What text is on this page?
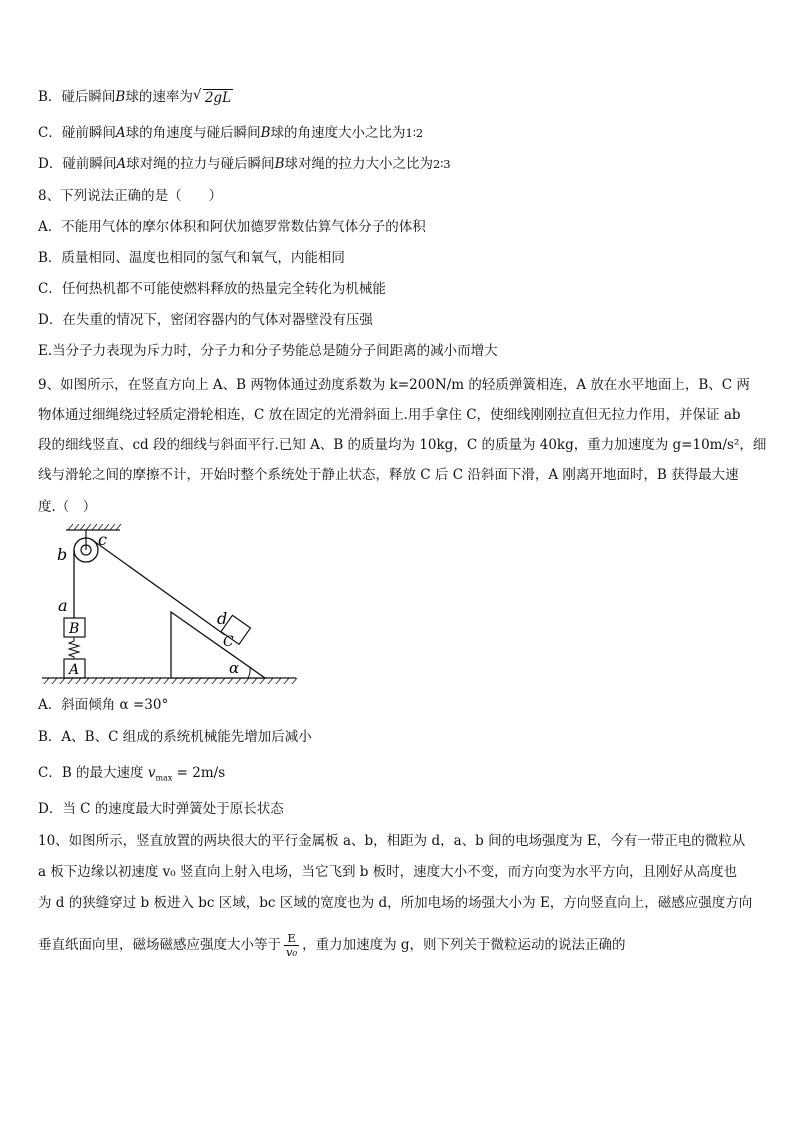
B．碰后瞬间B球的速率为 √ 2gL
C．碰前瞬间A球的角速度与碰后瞬间B球的角速度大小之比为1∶2
D．碰前瞬间A球对绳的拉力与碰后瞬间B球对绳的拉力大小之比为2∶3
8、下列说法正确的是（　　）
A．不能用气体的摩尔体积和阿伏加德罗常数估算气体分子的体积
B．质量相同、温度也相同的氢气和氧气，内能相同
C．任何热机都不可能使燃料释放的热量完全转化为机械能
D．在失重的情况下，密闭容器内的气体对器壁没有压强
E.当分子力表现为斥力时，分子力和分子势能总是随分子间距离的减小而增大
9、如图所示，在竖直方向上 A、B 两物体通过劲度系数为 k=200N/m 的轻质弹簧相连，A 放在水平地面上，B、C 两
物体通过细绳绕过轻质定滑轮相连，C 放在固定的光滑斜面上.用手拿住 C，使细线刚刚拉直但无拉力作用，并保证 ab
段的细线竖直、cd 段的细线与斜面平行.已知 A、B 的质量均为 10kg，C 的质量为 40kg，重力加速度为 g=10m/s²，细
线与滑轮之间的摩擦不计，开始时整个系统处于静止状态，释放 C 后 C 沿斜面下滑，A 刚离开地面时，B 获得最大速
度.（　）
b
c
a
d
B
A
C
α
A．斜面倾角 α =30°
B．A、B、C 组成的系统机械能先增加后减小
C．B 的最大速度 $v_{max} = 2m/s$
D．当 C 的速度最大时弹簧处于原长状态
10、如图所示，竖直放置的两块很大的平行金属板 a、b，相距为 d，a、b 间的电场强度为 E，今有一带正电的微粒从
a 板下边缘以初速度 v₀ 竖直向上射入电场，当它飞到 b 板时，速度大小不变，而方向变为水平方向，且刚好从高度也
为 d 的狭缝穿过 b 板进入 bc 区域，bc 区域的宽度也为 d，所加电场的场强大小为 E，方向竖直向上，磁感应强度方向
垂直纸面向里，磁场磁感应强度大小等于 $\frac{E}{\text{v₀}}$ ，重力加速度为 g，则下列关于微粒运动的说法正确的
